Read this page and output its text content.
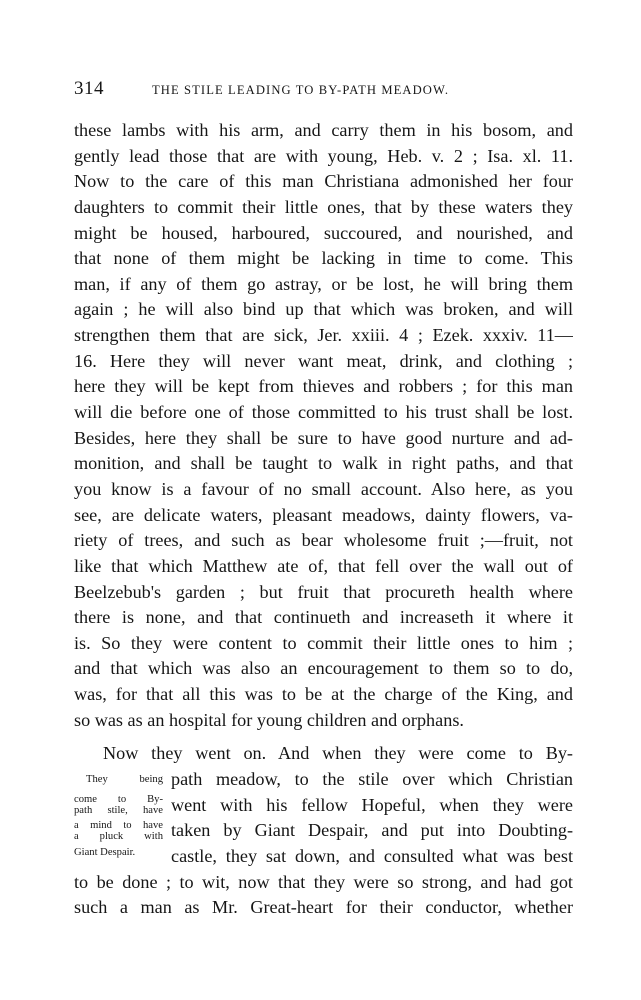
314	THE STILE LEADING TO BY-PATH MEADOW.
these lambs with his arm, and carry them in his bosom, and
gently lead those that are with young, Heb. v. 2 ; Isa. xl. 11.
Now to the care of this man Christiana admonished her four
daughters to commit their little ones, that by these waters they
might be housed, harboured, succoured, and nourished, and
that none of them might be lacking in time to come. This
man, if any of them go astray, or be lost, he will bring them
again ; he will also bind up that which was broken, and will
strengthen them that are sick, Jer. xxiii. 4 ; Ezek. xxxiv. 11—
16. Here they will never want meat, drink, and clothing ;
here they will be kept from thieves and robbers ; for this man
will die before one of those committed to his trust shall be lost.
Besides, here they shall be sure to have good nurture and ad-
monition, and shall be taught to walk in right paths, and that
you know is a favour of no small account. Also here, as you
see, are delicate waters, pleasant meadows, dainty flowers, va-
riety of trees, and such as bear wholesome fruit ;—fruit, not
like that which Matthew ate of, that fell over the wall out of
Beelzebub's garden ; but fruit that procureth health where
there is none, and that continueth and increaseth it where it
is. So they were content to commit their little ones to him ;
and that which was also an encouragement to them so to do,
was, for that all this was to be at the charge of the King, and
so was as an hospital for young children and orphans.
Now they went on. And when they were come to By-
They being path meadow, to the stile over which Christian
come to By-
path stile, have went with his fellow Hopeful, when they were
a mind to have
a pluck with taken by Giant Despair, and put into Doubting-
Giant Despair.	castle, they sat down, and consulted what was best
to be done ; to wit, now that they were so strong, and had got
such a man as Mr. Great-heart for their conductor, whether
